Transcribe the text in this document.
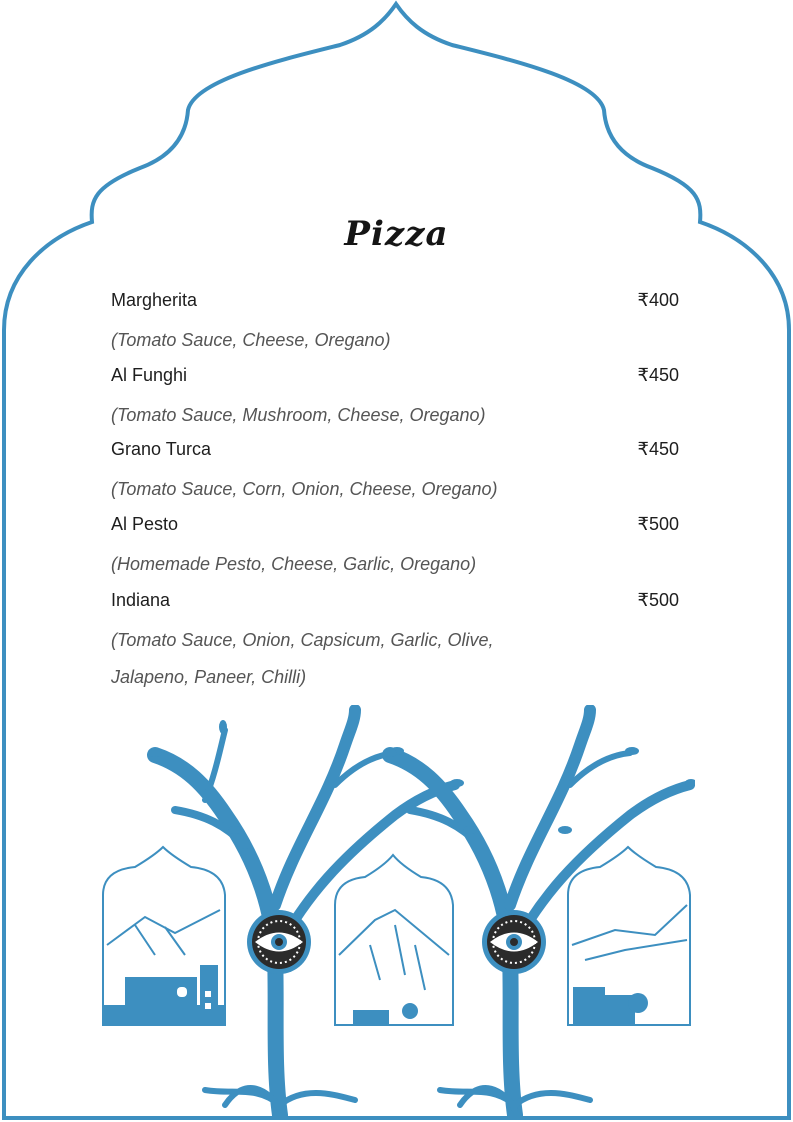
Pizza
Margherita	₹400
(Tomato Sauce, Cheese, Oregano)
Al Funghi	₹450
(Tomato Sauce, Mushroom, Cheese, Oregano)
Grano Turca	₹450
(Tomato Sauce, Corn, Onion, Cheese, Oregano)
Al Pesto	₹500
(Homemade Pesto, Cheese, Garlic, Oregano)
Indiana	₹500
(Tomato Sauce, Onion, Capsicum, Garlic, Olive, Jalapeno, Paneer, Chilli)
